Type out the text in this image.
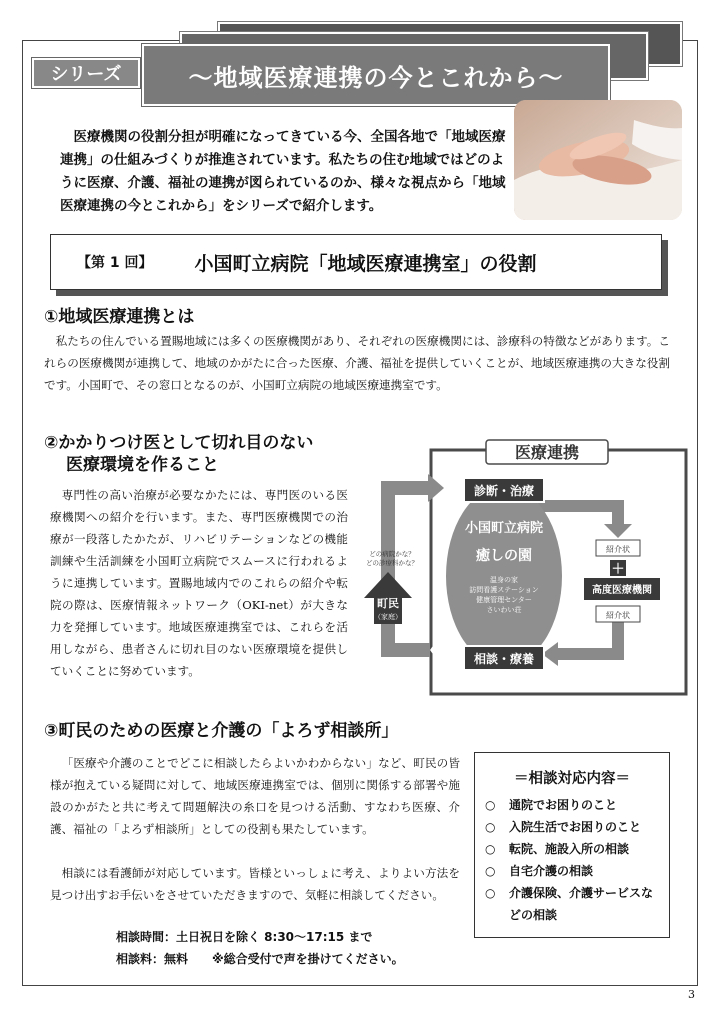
～地域医療連携の今とこれから～
シリーズ

医療機関の役割分担が明確になってきている今、全国各地で「地域医療連携」の仕組みづくりが推進されています。私たちの住む地域ではどのように医療、介護、福祉の連携が図られているのか、様々な視点から「地域医療連携の今とこれから」をシリーズで紹介します。

【第 1 回】 小国町立病院「地域医療連携室」の役割
①地域医療連携とは

私たちの住んでいる置賜地域には多くの医療機関があり、それぞれの医療機関には、診療科の特徴などがあります。これらの医療機関が連携して、地域のかがたに合った医療、介護、福祉を提供していくことが、地域医療連携の大きな役割です。小国町で、その窓口となるのが、小国町立病院の地域医療連携室です。

②かかりつけ医として切れ目のない
医療環境を作ること

専門性の高い治療が必要なかたには、専門医のいる医療機関への紹介を行います。また、専門医療機関での治療が一段落したかたが、リハビリテーションなどの機能訓練や生活訓練を小国町立病院でスムースに行われるように連携しています。置賜地域内でのこれらの紹介や転院の際は、医療情報ネットワーク（OKI-net）が大きな力を発揮しています。地域医療連携室では、これらを活用しながら、患者さんに切れ目のない医療環境を提供していくことに努めています。

医療連携
町民
（家庭）
どの病院かな？
どの診療科かな？
小国町立病院
癒しの園
温身の家
訪問看護ステーション
健康管理センター
さいわい荘
診断・治療
相談・療養
紹介状
＋
高度医療機関
紹介状
③町民のための医療と介護の「よろず相談所」

「医療や介護のことでどこに相談したらよいかわからない」など、町民の皆様が抱えている疑問に対して、地域医療連携室では、個別に関係する部署や施設のかがたと共に考えて問題解決の糸口を見つける活動、すなわち医療、介護、福祉の「よろず相談所」としての役割も果たしています。

相談には看護師が対応しています。皆様といっしょに考え、よりよい方法を見つけ出すお手伝いをさせていただきますので、気軽に相談してください。

相談時間：土日祝日を除く 8:30～17:15 まで
相談料：無料　　※総合受付で声を掛けてください。
＝相談対応内容＝
○	通院でお困りのこと
○	入院生活でお困りのこと
○	転院、施設入所の相談
○	自宅介護の相談
○	介護保険、介護サービスなどの相談
3
